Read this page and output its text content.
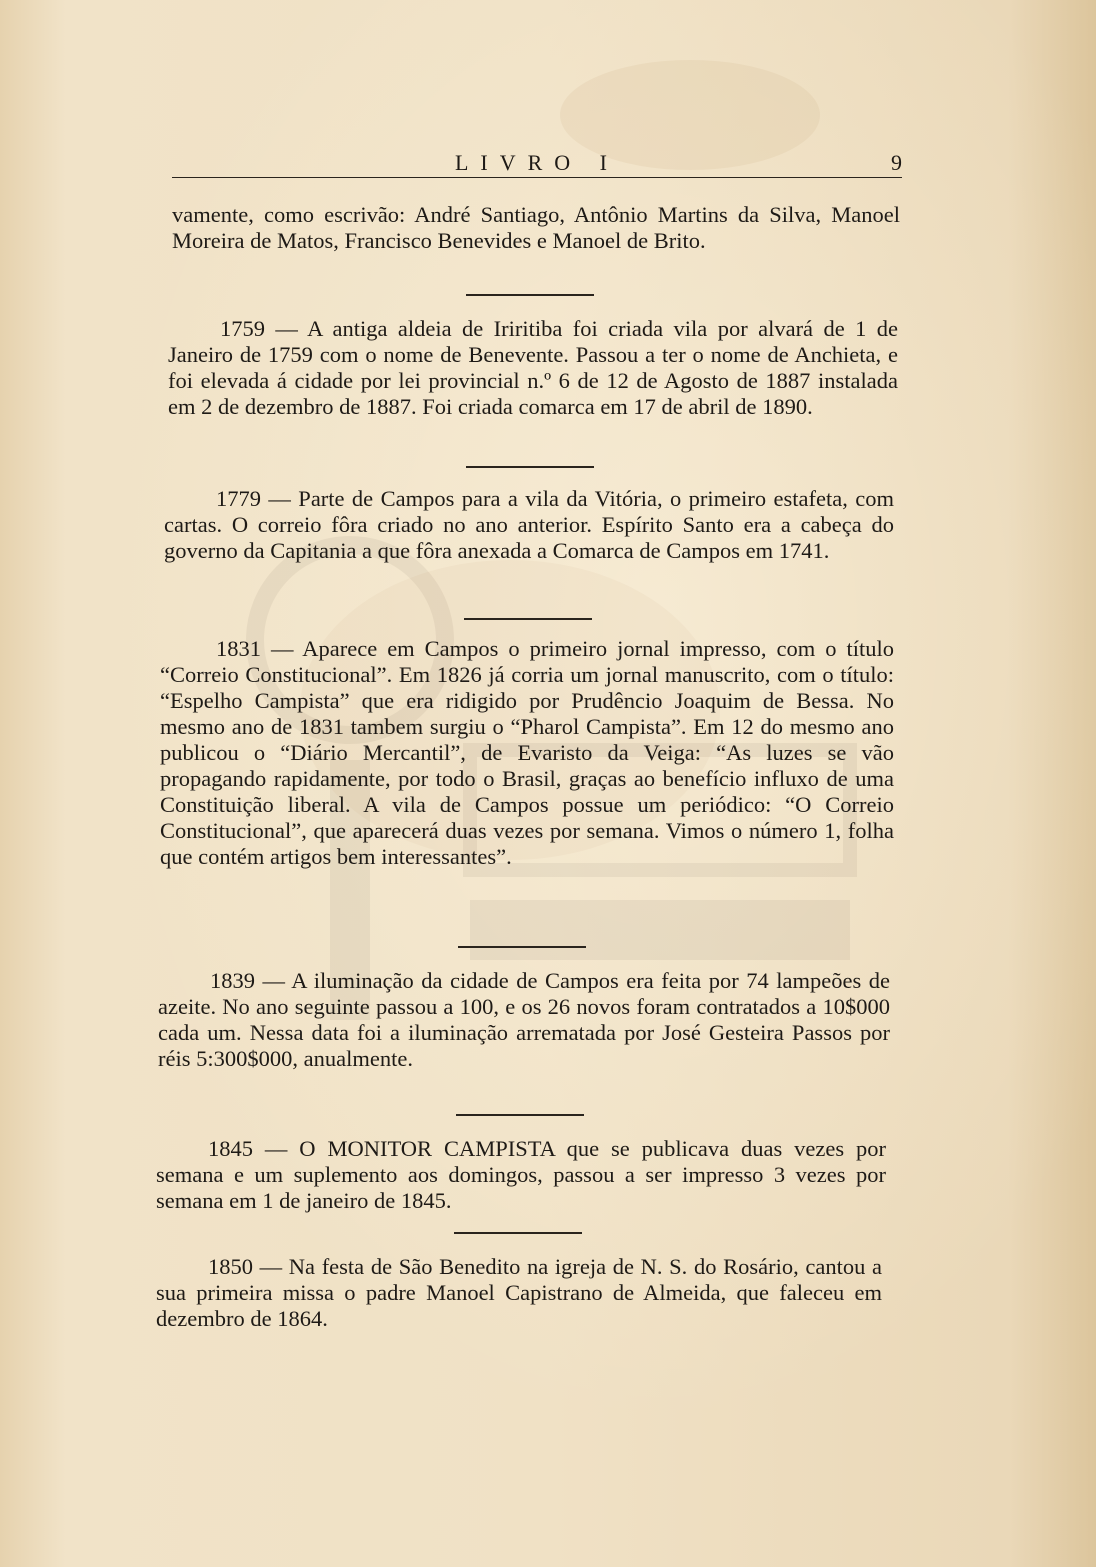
LIVRO I	9

vamente, como escrivão: André Santiago, Antônio Martins da Silva, Manoel Moreira de Matos, Francisco Benevides e Manoel de Brito.

1759 — A antiga aldeia de Iriritiba foi criada vila por alvará de 1 de Janeiro de 1759 com o nome de Benevente. Passou a ter o nome de Anchieta, e foi elevada á cidade por lei provincial n.º 6 de 12 de Agosto de 1887 instalada em 2 de dezembro de 1887. Foi criada comarca em 17 de abril de 1890.

1779 — Parte de Campos para a vila da Vitória, o primeiro estafeta, com cartas. O correio fôra criado no ano anterior. Espírito Santo era a cabeça do governo da Capitania a que fôra anexada a Comarca de Campos em 1741.

1831 — Aparece em Campos o primeiro jornal impresso, com o título “Correio Constitucional”. Em 1826 já corria um jornal manuscrito, com o título: “Espelho Campista” que era ridigido por Prudêncio Joaquim de Bessa. No mesmo ano de 1831 tambem surgiu o “Pharol Campista”. Em 12 do mesmo ano publicou o “Diário Mercantil”, de Evaristo da Veiga: “As luzes se vão propagando rapidamente, por todo o Brasil, graças ao benefício influxo de uma Constituição liberal. A vila de Campos possue um periódico: “O Correio Constitucional”, que aparecerá duas vezes por semana. Vimos o número 1, folha que contém artigos bem interessantes”.

1839 — A iluminação da cidade de Campos era feita por 74 lampeões de azeite. No ano seguinte passou a 100, e os 26 novos foram contratados a 10$000 cada um. Nessa data foi a iluminação arrematada por José Gesteira Passos por réis 5:300$000, anualmente.

1845 — O MONITOR CAMPISTA que se publicava duas vezes por semana e um suplemento aos domingos, passou a ser impresso 3 vezes por semana em 1 de janeiro de 1845.

1850 — Na festa de São Benedito na igreja de N. S. do Rosário, cantou a sua primeira missa o padre Manoel Capistrano de Almeida, que faleceu em dezembro de 1864.
